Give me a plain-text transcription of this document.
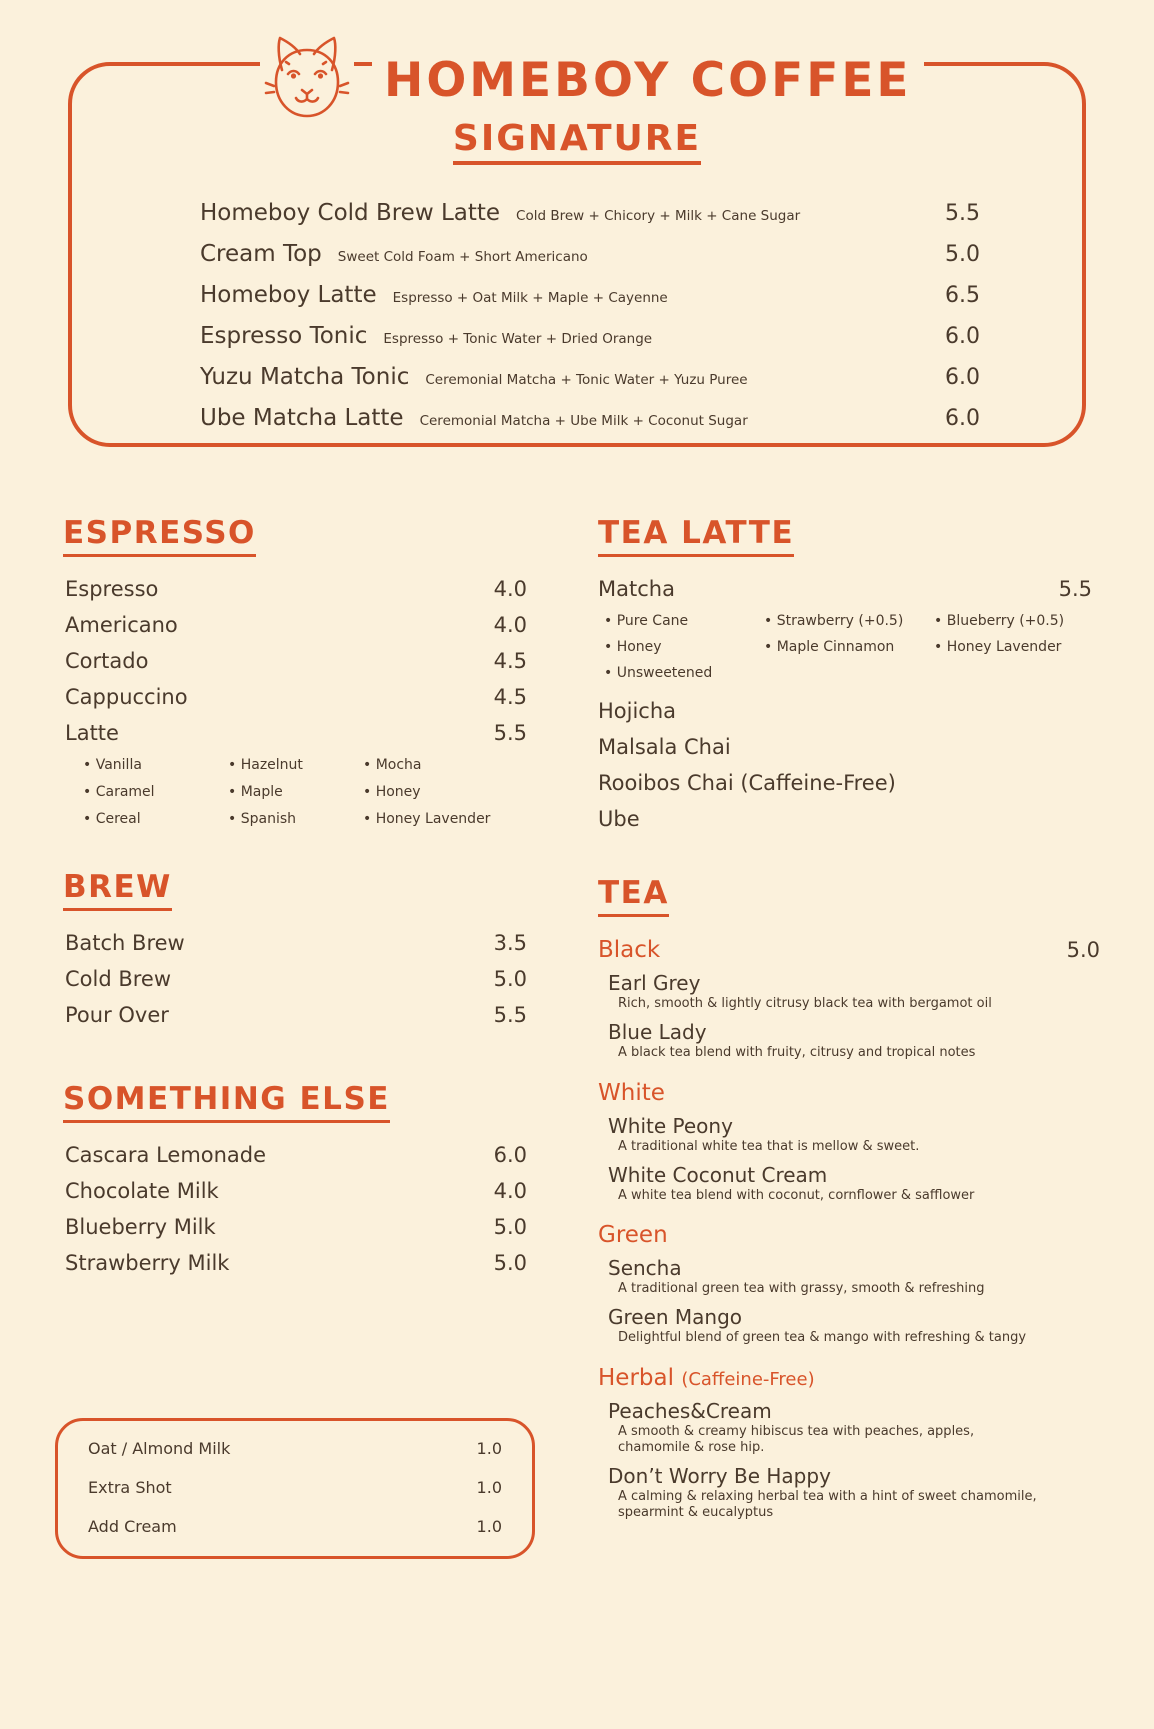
HOMEBOY COFFEE
SIGNATURE
Homeboy Cold Brew Latte Cold Brew + Chicory + Milk + Cane Sugar	5.5
Cream Top Sweet Cold Foam + Short Americano	5.0
Homeboy Latte Espresso + Oat Milk + Maple + Cayenne	6.5
Espresso Tonic Espresso + Tonic Water + Dried Orange	6.0
Yuzu Matcha Tonic Ceremonial Matcha + Tonic Water + Yuzu Puree	6.0
Ube Matcha Latte Ceremonial Matcha + Ube Milk + Coconut Sugar	6.0
ESPRESSO
Espresso	4.0
Americano	4.0
Cortado	4.5
Cappuccino	4.5
Latte	5.5
• Vanilla	• Hazelnut	• Mocha
• Caramel	• Maple	• Honey
• Cereal	• Spanish	• Honey Lavender
BREW
Batch Brew	3.5
Cold Brew	5.0
Pour Over	5.5
SOMETHING ELSE
Cascara Lemonade	6.0
Chocolate Milk	4.0
Blueberry Milk	5.0
Strawberry Milk	5.0
Oat / Almond Milk	1.0
Extra Shot	1.0
Add Cream	1.0
TEA LATTE
Matcha	5.5
• Pure Cane	• Strawberry (+0.5)	• Blueberry (+0.5)
• Honey	• Maple Cinnamon	• Honey Lavender
• Unsweetened
Hojicha
Malsala Chai
Rooibos Chai (Caffeine-Free)
Ube
TEA
Black	5.0
Earl Grey
Rich, smooth & lightly citrusy black tea with bergamot oil
Blue Lady
A black tea blend with fruity, citrusy and tropical notes
White
White Peony
A traditional white tea that is mellow & sweet.
White Coconut Cream
A white tea blend with coconut, cornflower & safflower
Green
Sencha
A traditional green tea with grassy, smooth & refreshing
Green Mango
Delightful blend of green tea & mango with refreshing & tangy
Herbal (Caffeine-Free)
Peaches&Cream
A smooth & creamy hibiscus tea with peaches, apples, chamomile & rose hip.
Don’t Worry Be Happy
A calming & relaxing herbal tea with a hint of sweet chamomile, spearmint & eucalyptus
